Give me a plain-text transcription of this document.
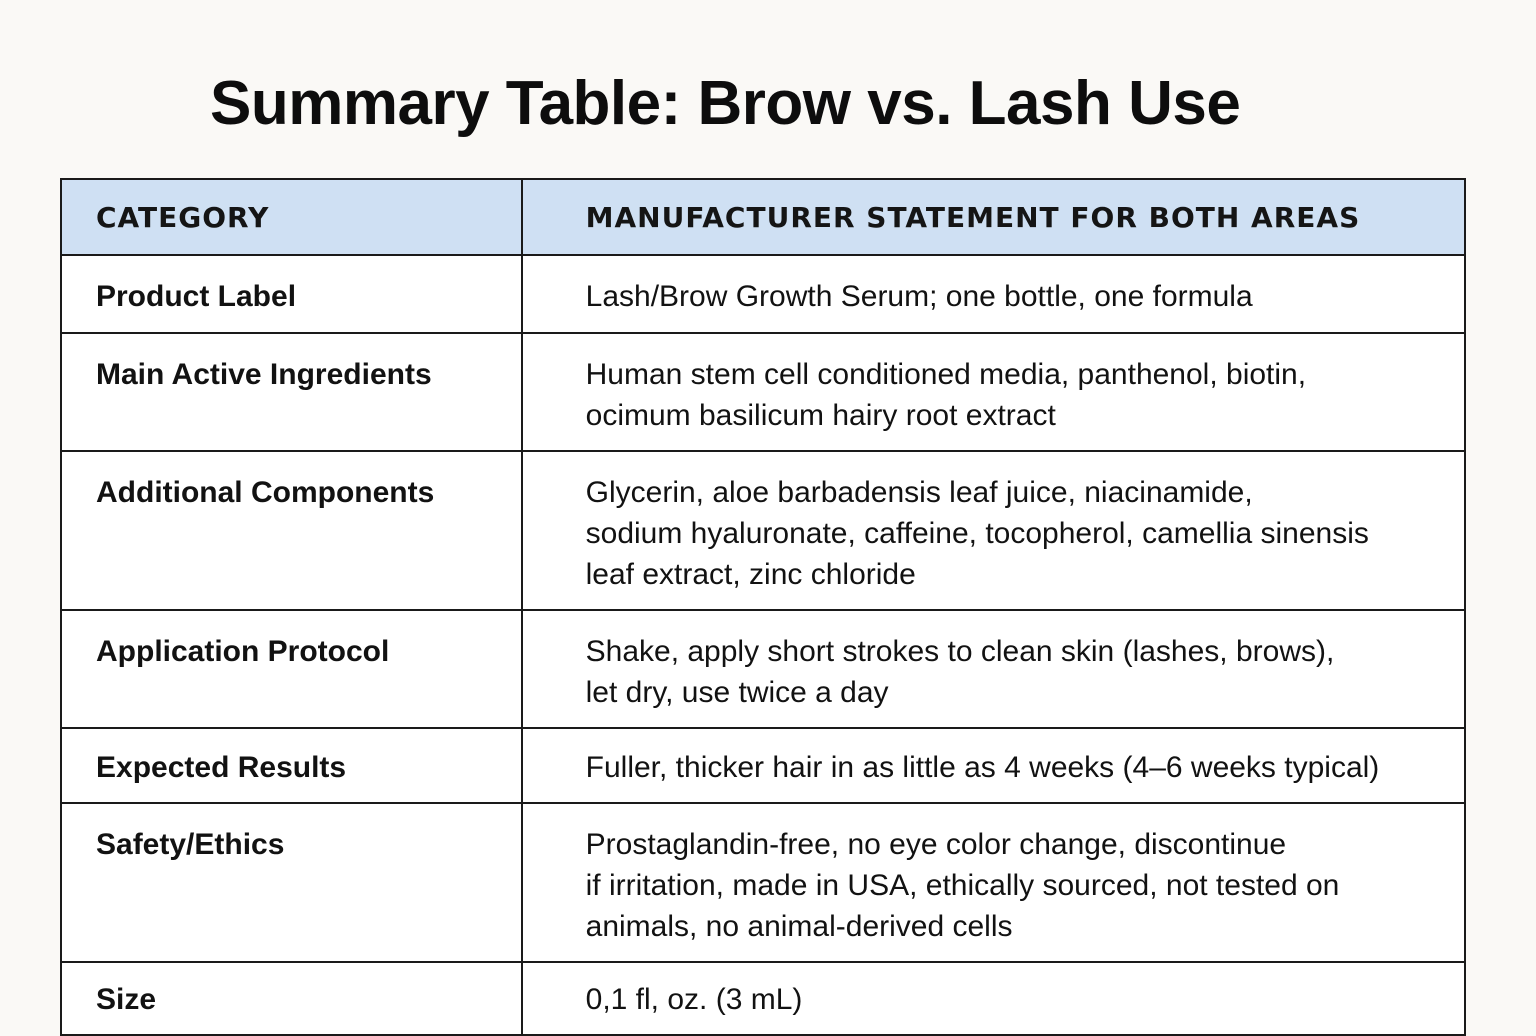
Summary Table: Brow vs. Lash Use
CATEGORY	MANUFACTURER STATEMENT FOR BOTH AREAS

Product Label	Lash/Brow Growth Serum; one bottle, one formula

Main Active Ingredients	Human stem cell conditioned media, panthenol, biotin,
ocimum basilicum hairy root extract

Additional Components	Glycerin, aloe barbadensis leaf juice, niacinamide,
sodium hyaluronate, caffeine, tocopherol, camellia sinensis
leaf extract, zinc chloride

Application Protocol	Shake, apply short strokes to clean skin (lashes, brows),
let dry, use twice a day

Expected Results	Fuller, thicker hair in as little as 4 weeks (4–6 weeks typical)

Safety/Ethics	Prostaglandin-free, no eye color change, discontinue
if irritation, made in USA, ethically sourced, not tested on
animals, no animal-derived cells

Size	0,1 fl, oz. (3 mL)
